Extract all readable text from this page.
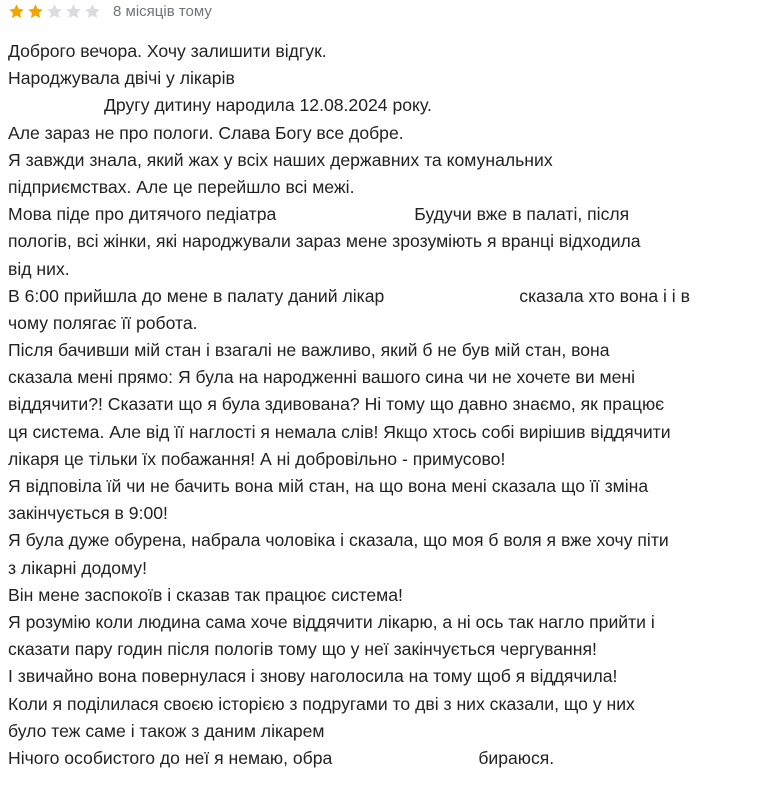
8 місяців тому
Доброго вечора. Хочу залишити відгук.
Народжувала двічі у лікарів
Другу дитину народила 12.08.2024 року.
Але зараз не про пологи. Слава Богу все добре.
Я завжди знала, який жах у всіх наших державних та комунальних
підприємствах. Але це перейшло всі межі.
Мова піде про дитячого педіатра	Будучи вже в палаті, після
пологів, всі жінки, які народжували зараз мене зрозуміють я вранці відходила
від них.
В 6:00 прийшла до мене в палату даний лікар	сказала хто вона і і в
чому полягає її робота.
Після бачивши мій стан і взагалі не важливо, який б не був мій стан, вона
сказала мені прямо: Я була на народженні вашого сина чи не хочете ви мені
віддячити?! Сказати що я була здивована? Ні тому що давно знаємо, як працює
ця система. Але від її наглості я немала слів! Якщо хтось собі вирішив віддячити
лікаря це тільки їх побажання! А ні добровільно - примусово!
Я відповіла їй чи не бачить вона мій стан, на що вона мені сказала що її зміна
закінчується в 9:00!
Я була дуже обурена, набрала чоловіка і сказала, що моя б воля я вже хочу піти
з лікарні додому!
Він мене заспокоїв і сказав так працює система!
Я розумію коли людина сама хоче віддячити лікарю, а ні ось так нагло прийти і
сказати пару годин після пологів тому що у неї закінчується чергування!
І звичайно вона повернулася і знову наголосила на тому щоб я віддячила!
Коли я поділилася своєю історією з подругами то дві з них сказали, що у них
було теж саме і також з даним лікарем
Нічого особистого до неї я немаю, обра	бираюся.
